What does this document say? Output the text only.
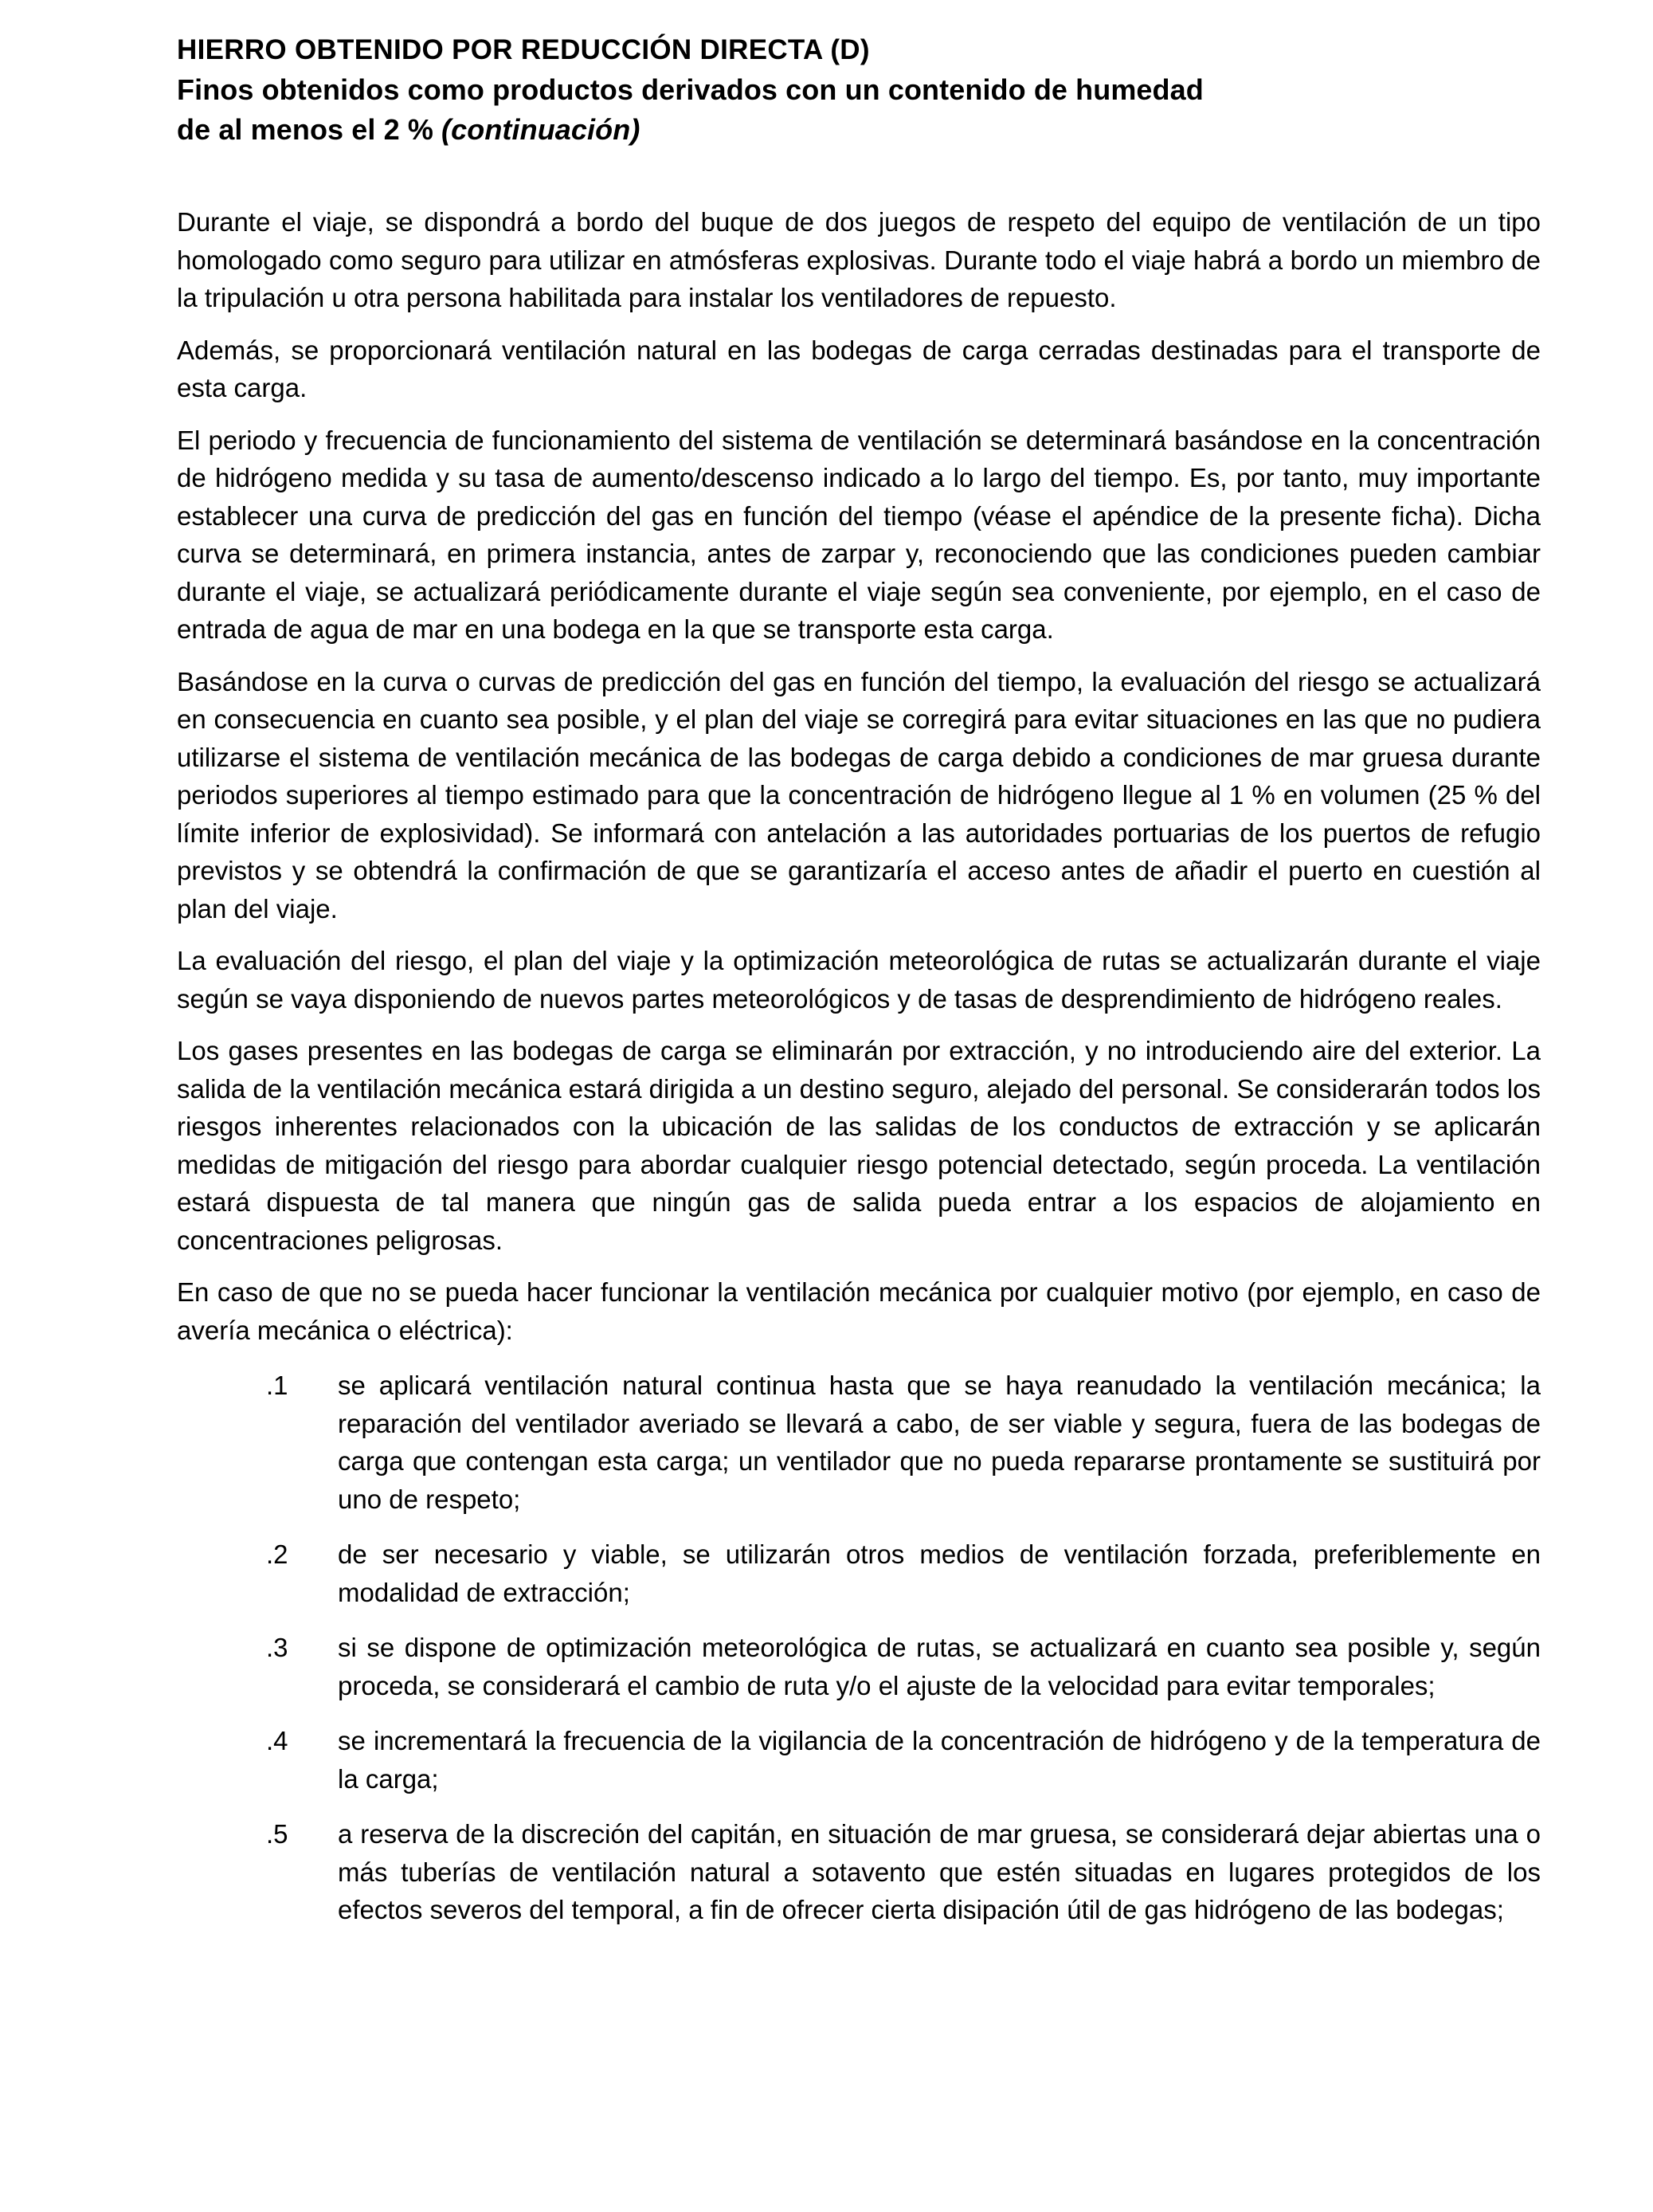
HIERRO OBTENIDO POR REDUCCIÓN DIRECTA (D)
Finos obtenidos como productos derivados con un contenido de humedad
de al menos el 2 % (continuación)

Durante el viaje, se dispondrá a bordo del buque de dos juegos de respeto del equipo de ventilación de un tipo homologado como seguro para utilizar en atmósferas explosivas. Durante todo el viaje habrá a bordo un miembro de la tripulación u otra persona habilitada para instalar los ventiladores de repuesto.

Además, se proporcionará ventilación natural en las bodegas de carga cerradas destinadas para el transporte de esta carga.

El periodo y frecuencia de funcionamiento del sistema de ventilación se determinará basándose en la concentración de hidrógeno medida y su tasa de aumento/descenso indicado a lo largo del tiempo. Es, por tanto, muy importante establecer una curva de predicción del gas en función del tiempo (véase el apéndice de la presente ficha). Dicha curva se determinará, en primera instancia, antes de zarpar y, reconociendo que las condiciones pueden cambiar durante el viaje, se actualizará periódicamente durante el viaje según sea conveniente, por ejemplo, en el caso de entrada de agua de mar en una bodega en la que se transporte esta carga.

Basándose en la curva o curvas de predicción del gas en función del tiempo, la evaluación del riesgo se actualizará en consecuencia en cuanto sea posible, y el plan del viaje se corregirá para evitar situaciones en las que no pudiera utilizarse el sistema de ventilación mecánica de las bodegas de carga debido a condiciones de mar gruesa durante periodos superiores al tiempo estimado para que la concentración de hidrógeno llegue al 1 % en volumen (25 % del límite inferior de explosividad). Se informará con antelación a las autoridades portuarias de los puertos de refugio previstos y se obtendrá la confirmación de que se garantizaría el acceso antes de añadir el puerto en cuestión al plan del viaje.

La evaluación del riesgo, el plan del viaje y la optimización meteorológica de rutas se actualizarán durante el viaje según se vaya disponiendo de nuevos partes meteorológicos y de tasas de desprendimiento de hidrógeno reales.

Los gases presentes en las bodegas de carga se eliminarán por extracción, y no introduciendo aire del exterior. La salida de la ventilación mecánica estará dirigida a un destino seguro, alejado del personal. Se considerarán todos los riesgos inherentes relacionados con la ubicación de las salidas de los conductos de extracción y se aplicarán medidas de mitigación del riesgo para abordar cualquier riesgo potencial detectado, según proceda. La ventilación estará dispuesta de tal manera que ningún gas de salida pueda entrar a los espacios de alojamiento en concentraciones peligrosas.

En caso de que no se pueda hacer funcionar la ventilación mecánica por cualquier motivo (por ejemplo, en caso de avería mecánica o eléctrica):

.1	se aplicará ventilación natural continua hasta que se haya reanudado la ventilación mecánica; la reparación del ventilador averiado se llevará a cabo, de ser viable y segura, fuera de las bodegas de carga que contengan esta carga; un ventilador que no pueda repararse prontamente se sustituirá por uno de respeto;
.2	de ser necesario y viable, se utilizarán otros medios de ventilación forzada, preferiblemente en modalidad de extracción;
.3	si se dispone de optimización meteorológica de rutas, se actualizará en cuanto sea posible y, según proceda, se considerará el cambio de ruta y/o el ajuste de la velocidad para evitar temporales;
.4	se incrementará la frecuencia de la vigilancia de la concentración de hidrógeno y de la temperatura de la carga;
.5	a reserva de la discreción del capitán, en situación de mar gruesa, se considerará dejar abiertas una o más tuberías de ventilación natural a sotavento que estén situadas en lugares protegidos de los efectos severos del temporal, a fin de ofrecer cierta disipación útil de gas hidrógeno de las bodegas;
